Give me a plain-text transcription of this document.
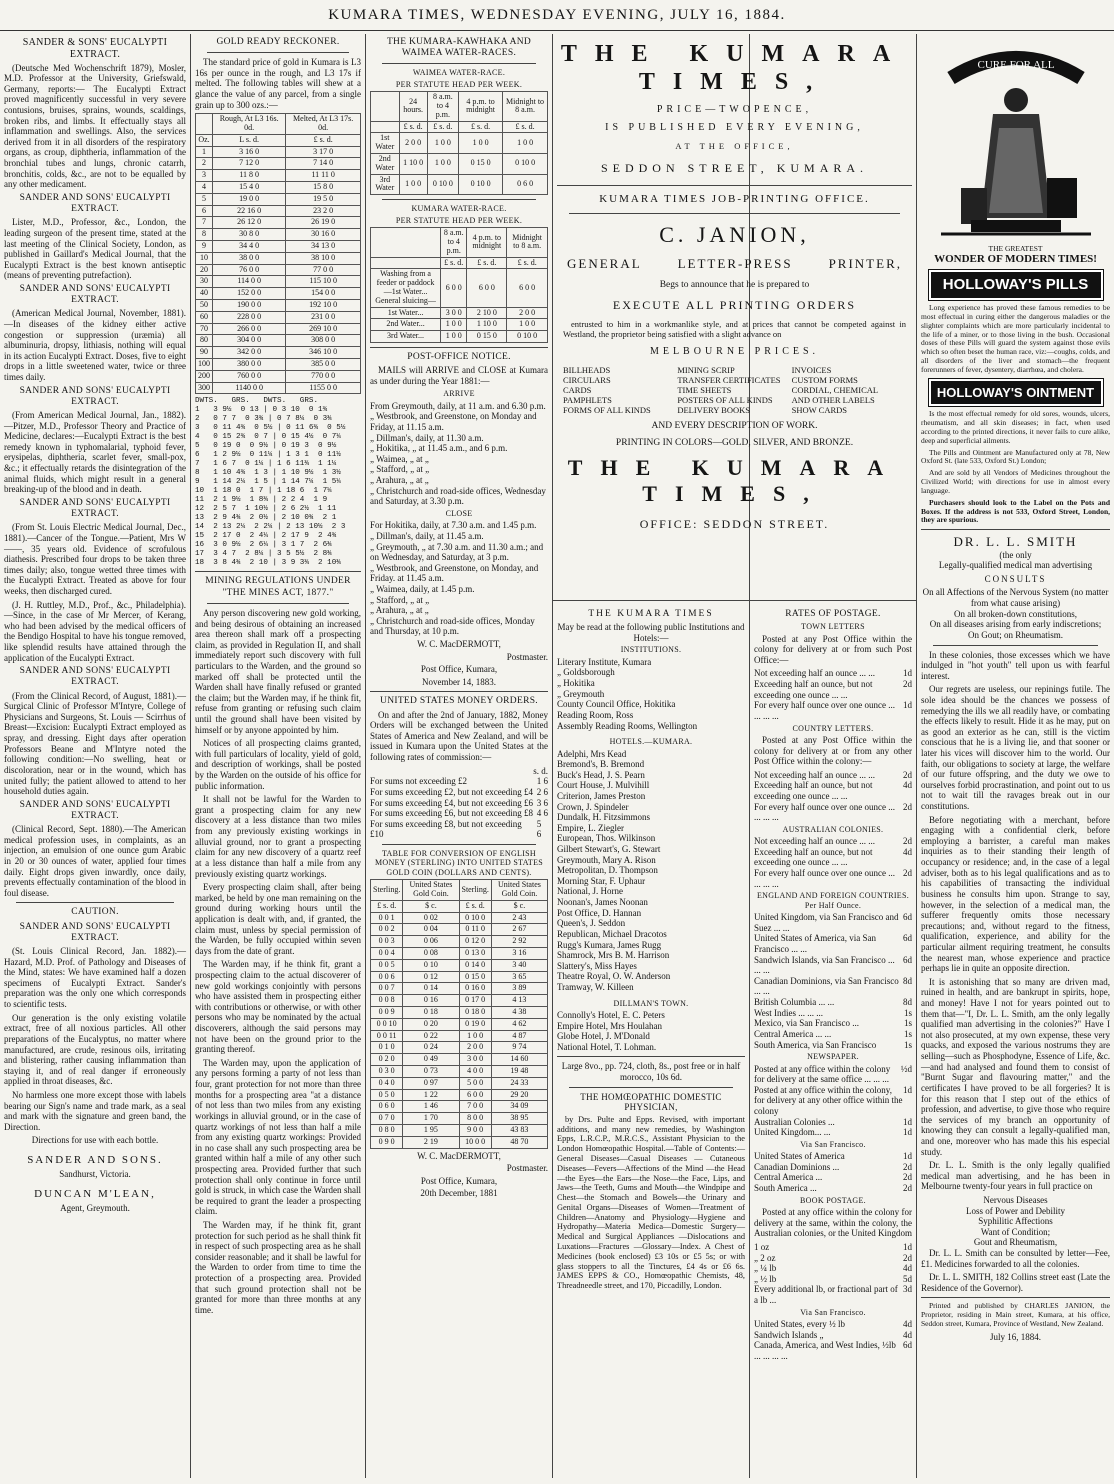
KUMARA TIMES, WEDNESDAY EVENING, JULY 16, 1884.
SANDER & SONS' EUCALYPTI EXTRACT.
(Deutsche Med Wochenschrift 1879), Mosler, M.D. Professor at the University, Griefswald, Germany, reports:— The Eucalypti Extract proved magnificently successful in very severe contusions, bruises, sprains, wounds, scaldings, broken ribs, and limbs. It effectually stays all inflammation and swellings. Also, the services derived from it in all disorders of the respiratory organs, as croup, diphtheria, inflammation of the bronchial tubes and lungs, chronic catarrh, bronchitis, colds, &c., are not to be equalled by any other medicament.
SANDER AND SONS' EUCALYPTI EXTRACT.
Lister, M.D., Professor, &c., London, the leading surgeon of the present time, stated at the last meeting of the Clinical Society, London, as published in Gaillard's Medical Journal, that the Eucalypti Extract is the best known antiseptic (means of preventing putrefaction).
SANDER AND SONS' EUCALYPTI EXTRACT.
(American Medical Journal, November, 1881).—In diseases of the kidney either active congestion or suppression (uræmia) all albuminuria, dropsy, lithiasis, nothing will equal in its action Eucalypti Extract. Doses, five to eight drops in a little sweetened water, twice or three times daily.
SANDER AND SONS' EUCALYPTI EXTRACT.
(From American Medical Journal, Jan., 1882).—Pitzer, M.D., Professor Theory and Practice of Medicine, declares:—Eucalypti Extract is the best remedy known in typhomalarial, typhoid fever, erysipelas, diphtheria, scarlet fever, small-pox, &c.; it effectually retards the disintegration of the animal fluids, which might result in a general breaking-up of the blood and in death.
SANDER AND SONS' EUCALYPTI EXTRACT.
(From St. Louis Electric Medical Journal, Dec., 1881).—Cancer of the Tongue.—Patient, Mrs W——, 35 years old. Evidence of scrofulous diathesis. Prescribed four drops to be taken three times daily; also, tongue wetted three times with the Eucalypti Extract. Treated as above for four weeks, then discharged cured.
(J. H. Ruttley, M.D., Prof., &c., Philadelphia).—Since, in the case of Mr Mercer, of Kerang, who had been advised by the medical officers of the Bendigo Hospital to have his tongue removed, like splendid results have attained through the application of the Eucalypti Extract.
SANDER AND SONS' EUCALYPTI EXTRACT.
(From the Clinical Record, of August, 1881).—Surgical Clinic of Professor M'Intyre, College of Physicians and Surgeons, St. Louis — Scirrhus of Breast—Excision: Eucalypti Extract employed as spray, and dressing. Eight days after operation Professors Beane and M'Intyre noted the following condition:—No swelling, heat or discoloration, near or in the wound, which has united fully; the patient allowed to attend to her household duties again.
SANDER AND SONS' EUCALYPTI EXTRACT.
(Clinical Record, Sept. 1880).—The American medical profession uses, in complaints, as an injection, an emulsion of one ounce gum Arabic in 20 or 30 ounces of water, applied four times daily. Eight drops given inwardly, once daily, prevents effectually contamination of the blood in foul disease.
CAUTION.
SANDER AND SONS' EUCALYPTI EXTRACT.
(St. Louis Clinical Record, Jan. 1882).—Hazard, M.D. Prof. of Pathology and Diseases of the Mind, states: We have examined half a dozen specimens of Eucalypti Extract. Sander's preparation was the only one which corresponds to scientific tests.
Our generation is the only existing volatile extract, free of all noxious particles. All other preparations of the Eucalyptus, no matter where manufactured, are crude, resinous oils, irritating and blistering, rather causing inflammation than staying it, and of real danger if erroneously applied in throat diseases, &c.
No harmless one more except those with labels bearing our Sign's name and trade mark, as a seal and mark with the signature and green band, the Direction.
Directions for use with each bottle.
SANDER AND SONS.
Sandhurst, Victoria.
DUNCAN M'LEAN,
Agent, Greymouth.
GOLD READY RECKONER.
The standard price of gold in Kumara is L3 16s per ounce in the rough, and L3 17s if melted. The following tables will shew at a glance the value of any parcel, from a single grain up to 300 ozs.:—
	Rough, At L3 16s. 0d.	Melted, At L3 17s. 0d.
Oz.	L s. d.	£ s. d.
1	3 16 0	3 17 0
2	7 12 0	7 14 0
3	11 8 0	11 11 0
4	15 4 0	15 8 0
5	19 0 0	19 5 0
6	22 16 0	23 2 0
7	26 12 0	26 19 0
8	30 8 0	30 16 0
9	34 4 0	34 13 0
10	38 0 0	38 10 0
20	76 0 0	77 0 0
30	114 0 0	115 10 0
40	152 0 0	154 0 0
50	190 0 0	192 10 0
60	228 0 0	231 0 0
70	266 0 0	269 10 0
80	304 0 0	308 0 0
90	342 0 0	346 10 0
100	380 0 0	385 0 0
200	760 0 0	770 0 0
300	1140 0 0	1155 0 0
DWTS.   GRS.   DWTS.   GRS.
1   3 9½  0 13 | 0 3 10  0 1¾
2   0 7 7  0 3¾ | 0 7 8¼  0 3¾
3   0 11 4¾  0 5½ | 0 11 6¾  0 5½
4   0 15 2¾  0 7 | 0 15 4½  0 7¼
5   0 19 0  0 9½ | 0 19 3  0 9½
6   1 2 9½  0 11¼ | 1 3 1  0 11½
7   1 6 7  0 1¼ | 1 6 11¾  1 1¼
8   1 10 4¾  1 3 | 1 10 9½  1 3½
9   1 14 2¼  1 5 | 1 14 7¼  1 5¼
10  1 18 0  1 7 | 1 18 6  1 7¼
11  2 1 9½  1 8¾ | 2 2 4  1 9
12  2 5 7  1 10½ | 2 6 2½  1 11
13  2 9 4¾  2 0½ | 2 10 0¾  2 1
14  2 13 2¼  2 2¼ | 2 13 10½  2 3
15  2 17 0  2 4¼ | 2 17 9  2 4¾
16  3 0 9½  2 6¼ | 3 1 7  2 6¾
17  3 4 7  2 8¼ | 3 5 5½  2 8¾
18  3 8 4¾  2 10 | 3 9 3¾  2 10¾
MINING REGULATIONS UNDER "THE MINES ACT, 1877."
Any person discovering new gold working, and being desirous of obtaining an increased area thereon shall mark off a prospecting claim, as provided in Regulation II, and shall immediately report such discovery with full particulars to the Warden, and the ground so marked off shall be protected until the Warden shall have finally refused or granted the claim; but the Warden may, if he think fit, refuse from granting or refusing such claim until the ground shall have been visited by himself or by anyone appointed by him.
Notices of all prospecting claims granted, with full particulars of locality, yield of gold, and description of workings, shall be posted by the Warden on the outside of his office for public information.
It shall not be lawful for the Warden to grant a prospecting claim for any new discovery at a less distance than two miles from any previously existing workings in alluvial ground, nor to grant a prospecting claim for any new discovery of a quartz reef at a less distance than half a mile from any previously existing quartz workings.
Every prospecting claim shall, after being marked, be held by one man remaining on the ground during working hours until the application is dealt with, and, if granted, the claim must, unless by special permission of the Warden, be fully occupied within seven days from the date of grant.
The Warden may, if he think fit, grant a prospecting claim to the actual discoverer of new gold workings conjointly with persons who have assisted them in prospecting either with contributions or otherwise, or with other persons who may be nominated by the actual discoverers, although the said persons may not have been on the ground prior to the granting thereof.
The Warden may, upon the application of any persons forming a party of not less than four, grant protection for not more than three months for a prospecting area "at a distance of not less than two miles from any existing workings in alluvial ground, or in the case of quartz workings of not less than half a mile from any existing quartz workings: Provided in no case shall any such prospecting area be granted within half a mile of any other such prospecting area. Provided further that such protection shall only continue in force until gold is struck, in which case the Warden shall be required to grant the leader a prospecting claim.
The Warden may, if he think fit, grant protection for such period as he shall think fit in respect of such prospecting area as he shall consider reasonable; and it shall be lawful for the Warden to order from time to time the protection of a prospecting area. Provided that such ground protection shall not be granted for more than three months at any time.
THE KUMARA-KAWHAKA AND WAIMEA WATER-RACES.
WAIMEA WATER-RACE.
PER STATUTE HEAD PER WEEK.
	24 hours.	8 a.m. to 4 p.m.	4 p.m. to midnight	Midnight to 8 a.m.
	£ s. d.	£ s. d.	£ s. d.	£ s. d.
1st Water	2 0 0	1 0 0	1 0 0	1 0 0
2nd Water	1 10 0	1 0 0	0 15 0	0 10 0
3rd Water	1 0 0	0 10 0	0 10 0	0 6 0
KUMARA WATER-RACE.
PER STATUTE HEAD PER WEEK.
	8 a.m. to 4 p.m.	4 p.m. to midnight	Midnight to 8 a.m.
	£ s. d.	£ s. d.	£ s. d.
Washing from a feeder or paddock—1st Water... General sluicing—	6 0 0	6 0 0	6 0 0
1st Water...	3 0 0	2 10 0	2 0 0
2nd Water...	1 0 0	1 10 0	1 0 0
3rd Water...	1 0 0	0 15 0	0 10 0
POST-OFFICE NOTICE.
MAILS will ARRIVE and CLOSE at Kumara as under during the Year 1881:—
ARRIVE
From Greymouth, daily, at 11 a.m. and 6.30 p.m.
„ Westbrook, and Greenstone, on Monday and Friday, at 11.15 a.m.
„ Dillman's, daily, at 11.30 a.m.
„ Hokitika, „ at 11.45 a.m., and 6 p.m.
„ Waimea, „ at „
„ Stafford, „ at „
„ Arahura, „ at „
„ Christchurch and road-side offices, Wednesday and Saturday, at 3.30 p.m.
CLOSE
For Hokitika, daily, at 7.30 a.m. and 1.45 p.m.
„ Dillman's, daily, at 11.45 a.m.
„ Greymouth, „ at 7.30 a.m. and 11.30 a.m.; and on Wednesday, and Saturday, at 3 p.m.
„ Westbrook, and Greenstone, on Monday, and Friday. at 11.45 a.m.
„ Waimea, daily, at 1.45 p.m.
„ Stafford, „ at „
„ Arahura, „ at „
„ Christchurch and road-side offices, Monday and Thursday, at 10 p.m.
W. C. MacDERMOTT,
Postmaster.
Post Office, Kumara,
November 14, 1883.
UNITED STATES MONEY ORDERS.
On and after the 2nd of January, 1882, Money Orders will be exchanged between the United States of America and New Zealand, and will be issued in Kumara upon the United States at the following rates of commission:—
s. d.
For sums not exceeding £2	1 6
For sums exceeding £2, but not exceeding £4 2 6
For sums exceeding £4, but not exceeding £6 3 6
For sums exceeding £6, but not exceeding £8 4 6
For sums exceeding £8, but not exceeding £10
5 6
TABLE FOR CONVERSION OF ENGLISH MONEY (STERLING) INTO UNITED STATES GOLD COIN (DOLLARS AND CENTS).
Sterling.	United States Gold Coin.	Sterling.	United States Gold Coin.
£ s. d.	$ c.	£ s. d.	$ c.
0 0 1	0 02	0 10 0	2 43
0 0 2	0 04	0 11 0	2 67
0 0 3	0 06	0 12 0	2 92
0 0 4	0 08	0 13 0	3 16
0 0 5	0 10	0 14 0	3 40
0 0 6	0 12	0 15 0	3 65
0 0 7	0 14	0 16 0	3 89
0 0 8	0 16	0 17 0	4 13
0 0 9	0 18	0 18 0	4 38
0 0 10	0 20	0 19 0	4 62
0 0 11	0 22	1 0 0	4 87
0 1 0	0 24	2 0 0	9 74
0 2 0	0 49	3 0 0	14 60
0 3 0	0 73	4 0 0	19 48
0 4 0	0 97	5 0 0	24 33
0 5 0	1 22	6 0 0	29 20
0 6 0	1 46	7 0 0	34 09
0 7 0	1 70	8 0 0	38 95
0 8 0	1 95	9 0 0	43 83
0 9 0	2 19	10 0 0	48 70
W. C. MacDERMOTT,
Postmaster.
Post Office, Kumara,
20th December, 1881
THE KUMARA TIMES,
PRICE—TWOPENCE,
IS PUBLISHED EVERY EVENING,
AT THE OFFICE,
SEDDON STREET, KUMARA.
KUMARA TIMES JOB-PRINTING OFFICE.
C. JANION,
GENERAL	LETTER-PRESS	PRINTER,
Begs to announce that he is prepared to
EXECUTE ALL PRINTING ORDERS
entrusted to him in a workmanlike style, and at prices that cannot be competed against in Westland, the proprietor being satisfied with a slight advance on
MELBOURNE PRICES.
BILLHEADS	MINING SCRIP	INVOICES
CIRCULARS	TRANSFER CERTIFICATES	CUSTOM FORMS
CARDS	TIME SHEETS	CORDIAL, CHEMICAL
PAMPHLETS	POSTERS OF ALL KINDS	AND OTHER LABELS
FORMS OF ALL KINDS	DELIVERY BOOKS	SHOW CARDS
AND EVERY DESCRIPTION OF WORK.
PRINTING IN COLORS—GOLD, SILVER, AND BRONZE.
THE KUMARA TIMES,
OFFICE: SEDDON STREET.
THE KUMARA TIMES
May be read at the following public Institutions and Hotels:—
INSTITUTIONS.
Literary Institute, Kumara
„ Goldsborough
„ Hokitika
„ Greymouth
County Council Office, Hokitika
Reading Room, Ross
Assembly Reading Rooms, Wellington
HOTELS.—KUMARA.
Adelphi, Mrs Kead
Bremond's, B. Bremond
Buck's Head, J. S. Pearn
Court House, J. Mulvihill
Criterion, James Preston
Crown, J. Spindeler
Dundalk, H. Fitzsimmons
Empire, L. Ziegler
European, Thos. Wilkinson
Gilbert Stewart's, G. Stewart
Greymouth, Mary A. Rison
Metropolitan, D. Thompson
Morning Star, F. Uphaur
National, J. Horne
Noonan's, James Noonan
Post Office, D. Hannan
Queen's, J. Seddon
Republican, Michael Dracotos
Rugg's Kumara, James Rugg
Shamrock, Mrs B. M. Harrison
Slattery's, Miss Hayes
Theatre Royal, O. W. Anderson
Tramway, W. Killeen
DILLMAN'S TOWN.
Connolly's Hotel, E. C. Peters
Empire Hotel, Mrs Houlahan
Globe Hotel, J. M'Donald
National Hotel, T. Lohman.
Large 8vo., pp. 724, cloth, 8s., post free or in half morocco, 10s 6d.
THE HOMŒOPATHIC DOMESTIC PHYSICIAN,
by Drs. Pulte and Epps. Revised, with important additions, and many new remedies, by Washington Epps, L.R.C.P., M.R.C.S., Assistant Physician to the London Homœopathic Hospital.—Table of Contents:—General Diseases—Casual Diseases — Cutaneous Diseases—Fevers—Affections of the Mind —the Head—the Eyes—the Ears—the Nose—the Face, Lips, and Jaws—the Teeth, Gums and Mouth—the Windpipe and Chest—the Stomach and Bowels—the Urinary and Genital Organs—Diseases of Women—Treatment of Children—Anatomy and Physiology—Hygiene and Hydropathy—Materia Medica—Domestic Surgery—Medical and Surgical Appliances —Dislocations and Luxations—Fractures —Glossary—Index. A Chest of Medicines (book enclosed) £3 10s or £5 5s; or with glass stoppers to all the Tinctures, £4 4s or £6 6s. JAMES EPPS & CO., Homœopathic Chemists, 48, Threadneedle street, and 170, Piccadilly, London.
RATES OF POSTAGE.
TOWN LETTERS
Posted at any Post Office within the colony for delivery at or from such Post Office:—
Not exceeding half an ounce ... ...	1d
Exceeding half an ounce, but not exceeding one ounce ... ...
2d
For every half ounce over one ounce ... ... ... ...
1d
COUNTRY LETTERS.
Posted at any Post Office within the colony for delivery at or from any other Post Office within the colony:—
Not exceeding half an ounce ... ...	2d
Exceeding half an ounce, but not exceeding one ounce ... ...
4d
For every half ounce over one ounce ... ... ... ...
2d
AUSTRALIAN COLONIES.
Not exceeding half an ounce ... ...	2d
Exceeding half an ounce, but not exceeding one ounce ... ...
4d
For every half ounce over one ounce ... ... ... ...
2d
ENGLAND AND FOREIGN COUNTRIES. Per Half Ounce.
United Kingdom, via San Francisco and Suez ... ...
6d
United States of America, via San Francisco ... ...
6d
Sandwich Islands, via San Francisco ... ... ...
6d
Canadian Dominions, via San Francisco ... ...
8d
British Columbia ... ...	8d
West Indies ... ... ...	1s
Mexico, via San Francisco ...	1s
Central America ... ...	1s
South America, via San Francisco	1s
NEWSPAPER.
Posted at any office within the colony for delivery at the same office ... ... ...
½d
Posted at any office within the colony, for delivery at any other office within the colony
1d
Australian Colonies ...	1d
United Kingdom... ...	1d
Via San Francisco.
United States of America	1d
Canadian Dominions ...	2d
Central America ...	2d
South America ...	2d
BOOK POSTAGE.
Posted at any office within the colony for delivery at the same, within the colony, the Australian colonies, or the United Kingdom
1 oz	1d
„ 2 oz	2d
„ ¼ lb	4d
„ ½ lb	5d
Every additional lb, or fractional part of a lb ...
3d
Via San Francisco.
United States, every ½ lb	4d
Sandwich Islands „	4d
Canada, America, and West Indies, ½lb ... ... ... ...
6d
CURE FOR ALL
THE GREATEST
WONDER OF MODERN TIMES!
HOLLOWAY'S PILLS
Long experience has proved these famous remedies to be most effectual in curing either the dangerous maladies or the slighter complaints which are more particularly incidental to the life of a miner, or to those living in the bush. Occasional doses of these Pills will guard the system against those evils which so often beset the human race, viz:—coughs, colds, and all disorders of the liver and stomach—the frequent forerunners of fever, dysentery, diarrhœa, and cholera.
HOLLOWAY'S OINTMENT
Is the most effectual remedy for old sores, wounds, ulcers, rheumatism, and all skin diseases; in fact, when used according to the printed directions, it never fails to cure alike, deep and superficial ailments.
The Pills and Ointment are Manufactured only at 78, New Oxford St. (late 533, Oxford St.) London;
And are sold by all Vendors of Medicines throughout the Civilized World; with directions for use in almost every language.
Purchasers should look to the Label on the Pots and Boxes. If the address is not 533, Oxford Street, London, they are spurious.
DR. L. L. SMITH
(the only
Legally-qualified medical man advertising
CONSULTS
On all Affections of the Nervous System (no matter from what cause arising)
On all broken-down constitutions,
On all diseases arising from early indiscretions;
On Gout; on Rheumatism.
In these colonies, those excesses which we have indulged in "hot youth" tell upon us with fearful interest.
Our regrets are useless, our repinings futile. The sole idea should be the chances we possess of remedying the ills we all readily have, or combating the effects likely to result. Hide it as he may, put on as good an exterior as he can, still is the victim conscious that he is a living lie, and that sooner or later his vices will discover him to the world. Our faith, our obligations to society at large, the welfare of our future offspring, and the duty we owe to ourselves forbid procrastination, and point out to us not to wait till the ravages break out in our constitutions.
Before negotiating with a merchant, before engaging with a confidential clerk, before employing a barrister, a careful man makes inquiries as to their standing their length of occupancy or residence; and, in the case of a legal adviser, both as to his legal qualifications and as to his capabilities of transacting the individual business he consults him upon. Strange to say, however, in the selection of a medical man, the sufferer frequently omits those necessary precautions; and, without regard to the fitness, qualification, experience, and ability for the particular ailment requiring treatment, he consults the nearest man, whose experience and practice perhaps lie in quite an opposite direction.
It is astonishing that so many are driven mad, ruined in health, and are bankrupt in spirits, hope, and money! Have I not for years pointed out to them that—"I, Dr. L. L. Smith, am the only legally qualified man advertising in the colonies?" Have I not also prosecuted, at my own expense, these very quacks, and exposed the various nostrums they are selling—such as Phosphodyne, Essence of Life, &c.—and had analysed and found them to consist of "Burnt Sugar and flavouring matter," and the certificates I have proved to be all forgeries? It is for this reason that I step out of the ethics of profession, and advertise, to give those who require the services of my branch an opportunity of knowing they can consult a legally-qualified man, and one, moreover who has made this his especial study.
Dr. L. L. Smith is the only legally qualified medical man advertising, and he has been in Melbourne twenty-four years in full practice on
Nervous Diseases
Loss of Power and Debility
Syphilitic Affections
Want of Condition;
Gout and Rheumatism,
Dr. L. L. Smith can be consulted by letter—Fee, £1. Medicines forwarded to all the colonies.
Dr. L. L. SMITH, 182 Collins street east (Late the Residence of the Governor).
Printed and published by CHARLES JANION, the Proprietor, residing in Main street, Kumara, at his office, Seddon street, Kumara, Province of Westland, New Zealand.
July 16, 1884.
